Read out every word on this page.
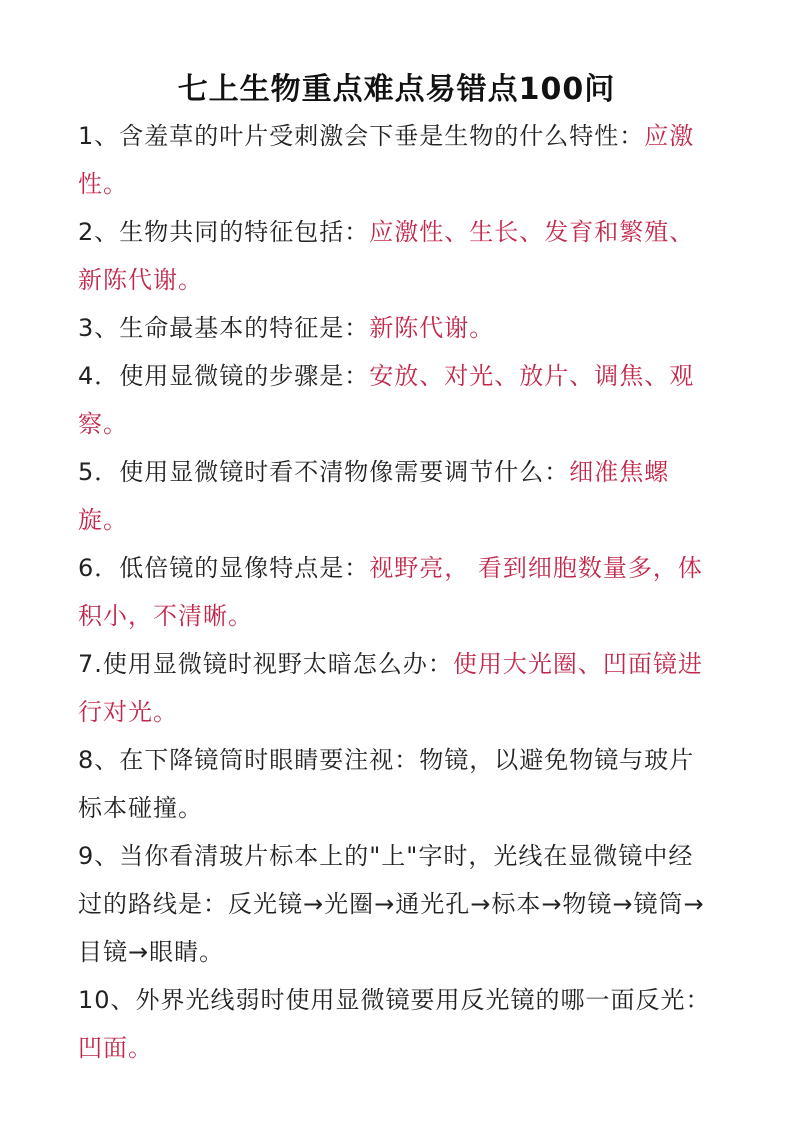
七上生物重点难点易错点100问
1、含羞草的叶片受刺激会下垂是生物的什么特性：应激性。
2、生物共同的特征包括：应激性、生长、发育和繁殖、新陈代谢。
3、生命最基本的特征是：新陈代谢。
4．使用显微镜的步骤是：安放、对光、放片、调焦、观察。
5．使用显微镜时看不清物像需要调节什么：细准焦螺旋。
6．低倍镜的显像特点是：视野亮， 看到细胞数量多，体积小，不清晰。
7.使用显微镜时视野太暗怎么办：使用大光圈、凹面镜进行对光。
8、在下降镜筒时眼睛要注视：物镜，以避免物镜与玻片标本碰撞。
9、当你看清玻片标本上的"上"字时，光线在显微镜中经过的路线是：反光镜→光圈→通光孔→标本→物镜→镜筒→目镜→眼睛。
10、外界光线弱时使用显微镜要用反光镜的哪一面反光：凹面。
